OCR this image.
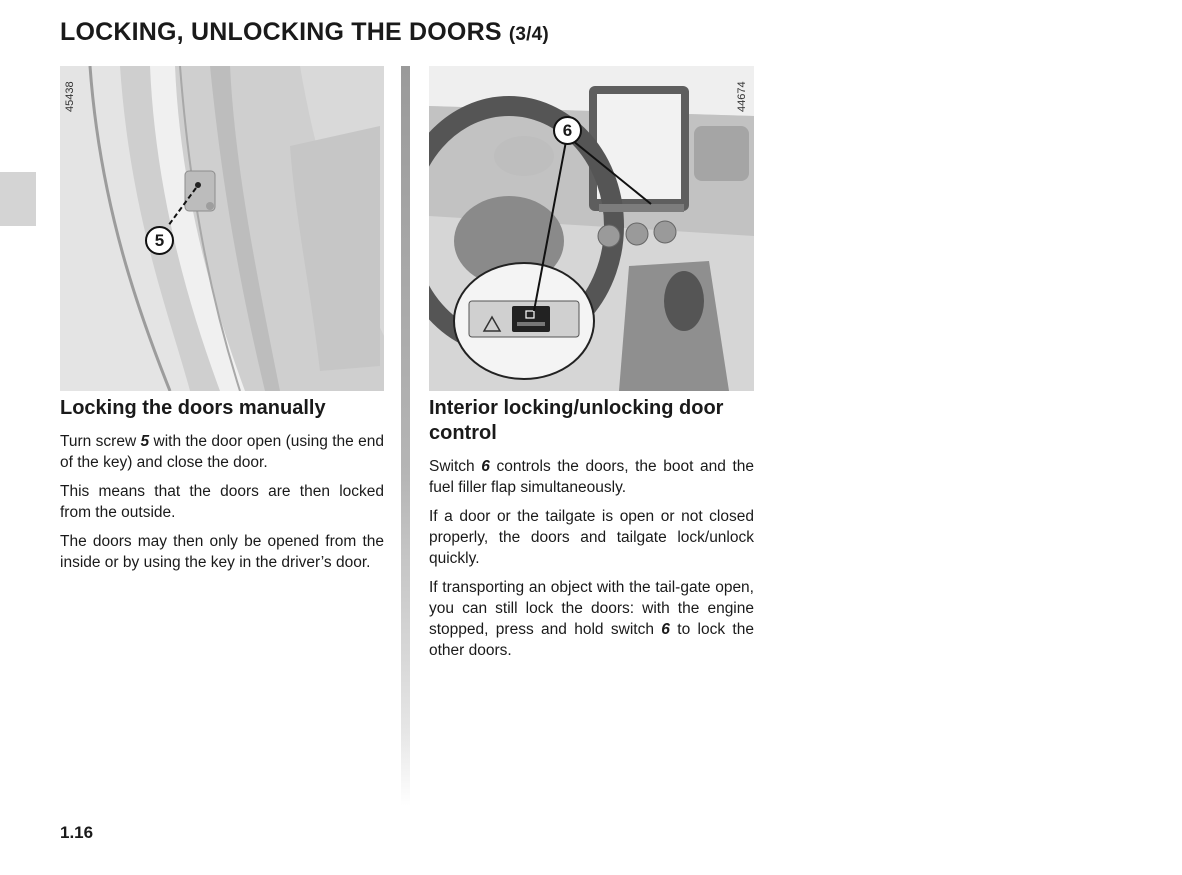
LOCKING, UNLOCKING THE DOORS (3/4)
45438
5
44674
6
Locking the doors manually

Turn screw 5 with the door open (using the end of the key) and close the door.

This means that the doors are then locked from the outside.

The doors may then only be opened from the inside or by using the key in the driver’s door.

Interior locking/unlocking door control

Switch 6 controls the doors, the boot and the fuel filler flap simultaneously.

If a door or the tailgate is open or not closed properly, the doors and tailgate lock/unlock quickly.

If transporting an object with the tail-gate open, you can still lock the doors: with the engine stopped, press and hold switch 6 to lock the other doors.

1.16
